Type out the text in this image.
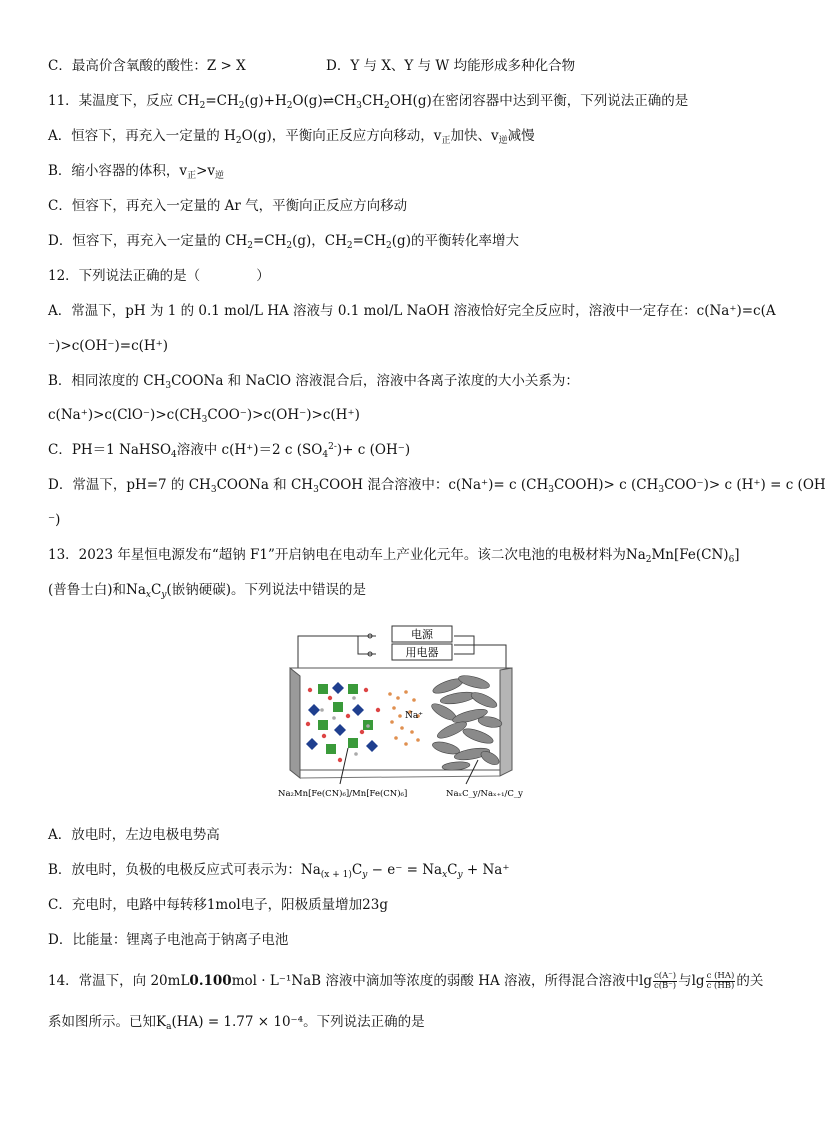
C．最高价含氧酸的酸性：Z > X	D．Y 与 X、Y 与 W 均能形成多种化合物
11．某温度下，反应 $CH_2=CH_2(g)+H_2O(g)\rightleftharpoons CH_3CH_2OH(g)$在密闭容器中达到平衡，下列说法正确的是
A．恒容下，再充入一定量的 $H_2O(g)$，平衡向正反应方向移动，$v_正$加快、$v_逆$减慢
B．缩小容器的体积，$v_正>v_逆$
C．恒容下，再充入一定量的 Ar 气，平衡向正反应方向移动
D．恒容下，再充入一定量的 $CH_2=CH_2(g)$，$CH_2=CH_2(g)$的平衡转化率增大
12．下列说法正确的是（	）
A．常温下，pH 为 1 的 0.1 mol/L HA 溶液与 0.1 mol/L NaOH 溶液恰好完全反应时，溶液中一定存在：c(Na⁺)=c(A
⁻)>c(OH⁻)=c(H⁺)
B．相同浓度的 $CH_3COONa$ 和 NaClO 溶液混合后，溶液中各离子浓度的大小关系为：
$c(Na^+)>c(ClO^-)>c(CH_3COO^-)>c(OH^-)>c(H^+)$
C．PH＝1 NaHSO$_4$溶液中 c(H⁺)＝2 c $(SO_4^{2-})+ c$ (OH⁻)
D．常温下，pH=7 的 $CH_3COONa$ 和 $CH_3COOH$ 混合溶液中：c(Na⁺)= c $(CH_3COOH)> c$ $(CH_3COO^-)> c$ (H⁺) = c (OH
⁻)
13．2023 年星恒电源发布“超钠 F1”开启钠电在电动车上产业化元年。该二次电池的电极材料为$Na_2Mn[Fe(CN)_6]$
(普鲁士白)和$Na_xC_y$(嵌钠硬碳)。下列说法中错误的是
电源
用电器
Na⁺
Na₂Mn[Fe(CN)₆]/Mn[Fe(CN)₆]	NaₓC_y/Naₓ₊₁/C_y
A．放电时，左边电极电势高
B．放电时，负极的电极反应式可表示为：$Na_{(x + 1)}C_y - e^- = Na_xC_y + Na^+$
C．充电时，电路中每转移1mol电子，阳极质量增加23g
D．比能量：锂离子电池高于钠离子电池
14．常温下，向 20mL0.100mol · L⁻¹NaB 溶液中滴加等浓度的弱酸 HA 溶液，所得混合溶液中$\lg \frac{c(A^-)}{c(B^-)}$ 与$\lg \frac{c (HA)}{c (HB)}$ 的关
系如图所示。已知$K_a(HA) = 1.77 \times 10^{-4}$。下列说法正确的是
